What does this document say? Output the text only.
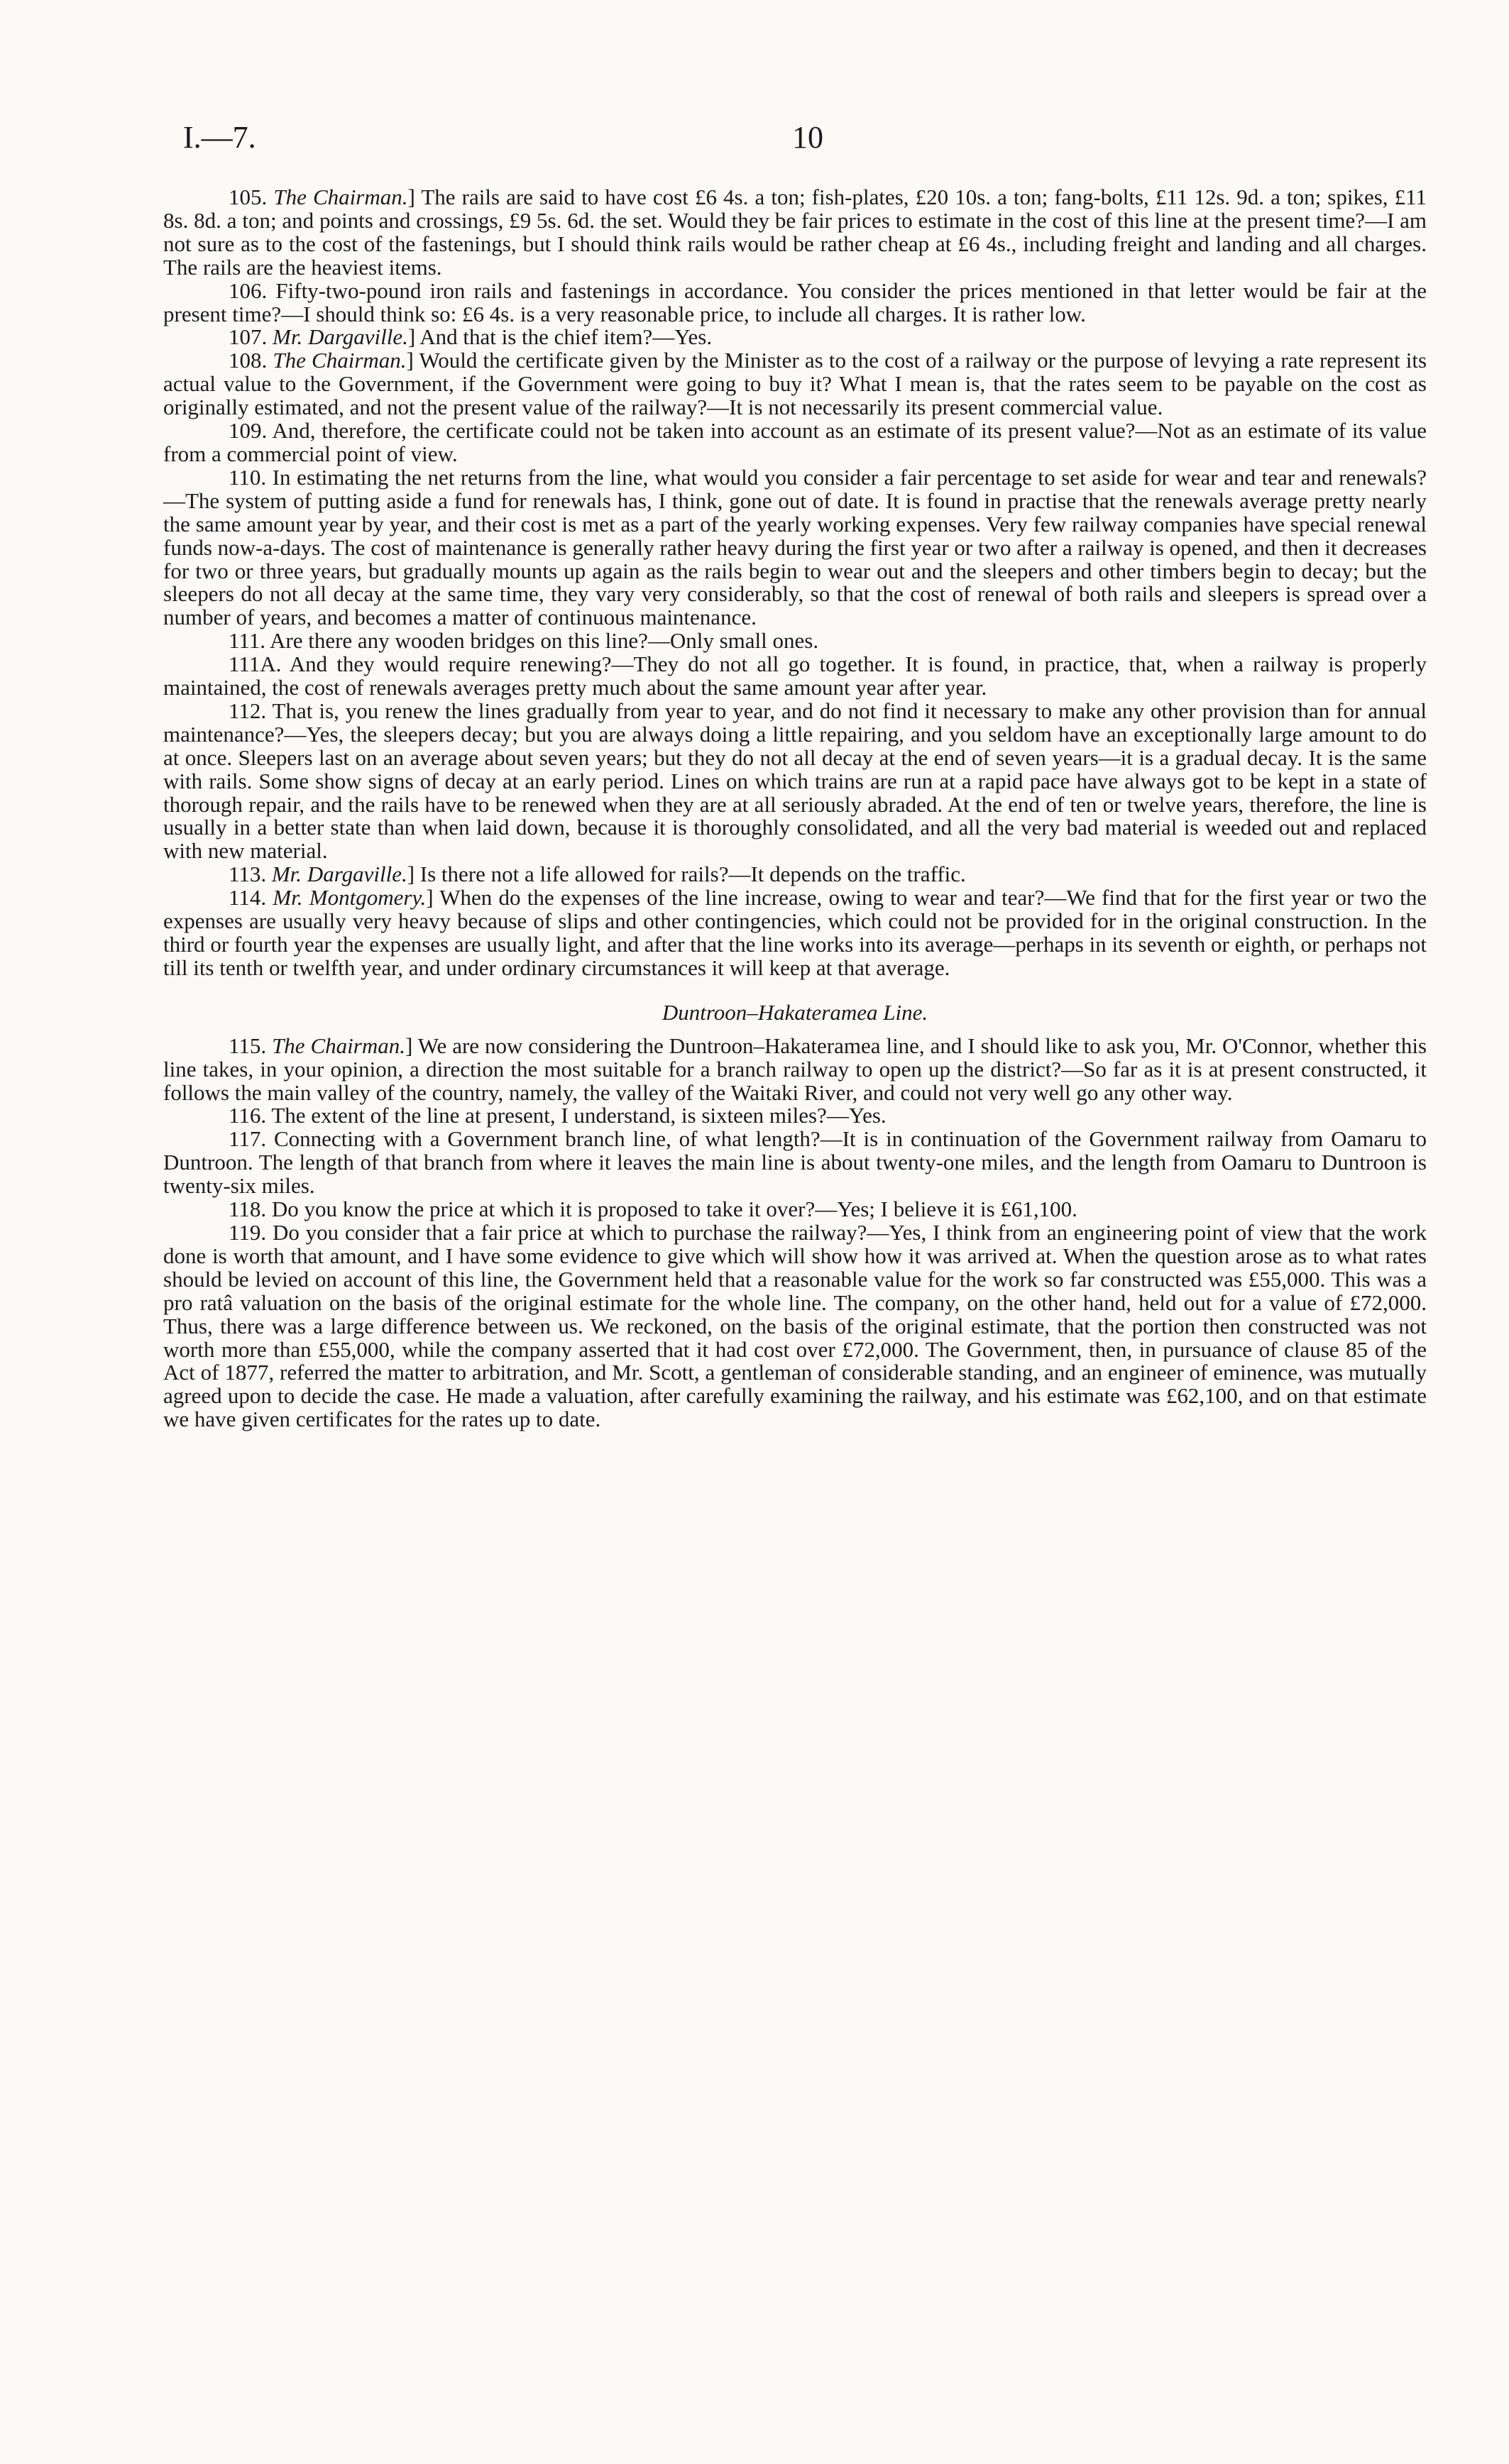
I.—7.	10

105. The Chairman.] The rails are said to have cost £6 4s. a ton; fish-plates, £20 10s. a ton; fang-bolts, £11 12s. 9d. a ton; spikes, £11 8s. 8d. a ton; and points and crossings, £9 5s. 6d. the set. Would they be fair prices to estimate in the cost of this line at the present time?—I am not sure as to the cost of the fastenings, but I should think rails would be rather cheap at £6 4s., including freight and landing and all charges. The rails are the heaviest items.

106. Fifty-two-pound iron rails and fastenings in accordance. You consider the prices mentioned in that letter would be fair at the present time?—I should think so: £6 4s. is a very reasonable price, to include all charges. It is rather low.

107. Mr. Dargaville.] And that is the chief item?—Yes.

108. The Chairman.] Would the certificate given by the Minister as to the cost of a railway or the purpose of levying a rate represent its actual value to the Government, if the Government were going to buy it? What I mean is, that the rates seem to be payable on the cost as originally estimated, and not the present value of the railway?—It is not necessarily its present commercial value.

109. And, therefore, the certificate could not be taken into account as an estimate of its present value?—Not as an estimate of its value from a commercial point of view.

110. In estimating the net returns from the line, what would you consider a fair percentage to set aside for wear and tear and renewals?—The system of putting aside a fund for renewals has, I think, gone out of date. It is found in practise that the renewals average pretty nearly the same amount year by year, and their cost is met as a part of the yearly working expenses. Very few railway companies have special renewal funds now-a-days. The cost of maintenance is generally rather heavy during the first year or two after a railway is opened, and then it decreases for two or three years, but gradually mounts up again as the rails begin to wear out and the sleepers and other timbers begin to decay; but the sleepers do not all decay at the same time, they vary very considerably, so that the cost of renewal of both rails and sleepers is spread over a number of years, and becomes a matter of continuous maintenance.

111. Are there any wooden bridges on this line?—Only small ones.

111A. And they would require renewing?—They do not all go together. It is found, in practice, that, when a railway is properly maintained, the cost of renewals averages pretty much about the same amount year after year.

112. That is, you renew the lines gradually from year to year, and do not find it necessary to make any other provision than for annual maintenance?—Yes, the sleepers decay; but you are always doing a little repairing, and you seldom have an exceptionally large amount to do at once. Sleepers last on an average about seven years; but they do not all decay at the end of seven years—it is a gradual decay. It is the same with rails. Some show signs of decay at an early period. Lines on which trains are run at a rapid pace have always got to be kept in a state of thorough repair, and the rails have to be renewed when they are at all seriously abraded. At the end of ten or twelve years, therefore, the line is usually in a better state than when laid down, because it is thoroughly consolidated, and all the very bad material is weeded out and replaced with new material.

113. Mr. Dargaville.] Is there not a life allowed for rails?—It depends on the traffic.

114. Mr. Montgomery.] When do the expenses of the line increase, owing to wear and tear?—We find that for the first year or two the expenses are usually very heavy because of slips and other contingencies, which could not be provided for in the original construction. In the third or fourth year the expenses are usually light, and after that the line works into its average—perhaps in its seventh or eighth, or perhaps not till its tenth or twelfth year, and under ordinary circumstances it will keep at that average.

Duntroon–Hakateramea Line.

115. The Chairman.] We are now considering the Duntroon–Hakateramea line, and I should like to ask you, Mr. O'Connor, whether this line takes, in your opinion, a direction the most suitable for a branch railway to open up the district?—So far as it is at present constructed, it follows the main valley of the country, namely, the valley of the Waitaki River, and could not very well go any other way.

116. The extent of the line at present, I understand, is sixteen miles?—Yes.

117. Connecting with a Government branch line, of what length?—It is in continuation of the Government railway from Oamaru to Duntroon. The length of that branch from where it leaves the main line is about twenty-one miles, and the length from Oamaru to Duntroon is twenty-six miles.

118. Do you know the price at which it is proposed to take it over?—Yes; I believe it is £61,100.

119. Do you consider that a fair price at which to purchase the railway?—Yes, I think from an engineering point of view that the work done is worth that amount, and I have some evidence to give which will show how it was arrived at. When the question arose as to what rates should be levied on account of this line, the Government held that a reasonable value for the work so far constructed was £55,000. This was a pro ratâ valuation on the basis of the original estimate for the whole line. The company, on the other hand, held out for a value of £72,000. Thus, there was a large difference between us. We reckoned, on the basis of the original estimate, that the portion then constructed was not worth more than £55,000, while the company asserted that it had cost over £72,000. The Government, then, in pursuance of clause 85 of the Act of 1877, referred the matter to arbitration, and Mr. Scott, a gentleman of considerable standing, and an engineer of eminence, was mutually agreed upon to decide the case. He made a valuation, after carefully examining the railway, and his estimate was £62,100, and on that estimate we have given certificates for the rates up to date.
